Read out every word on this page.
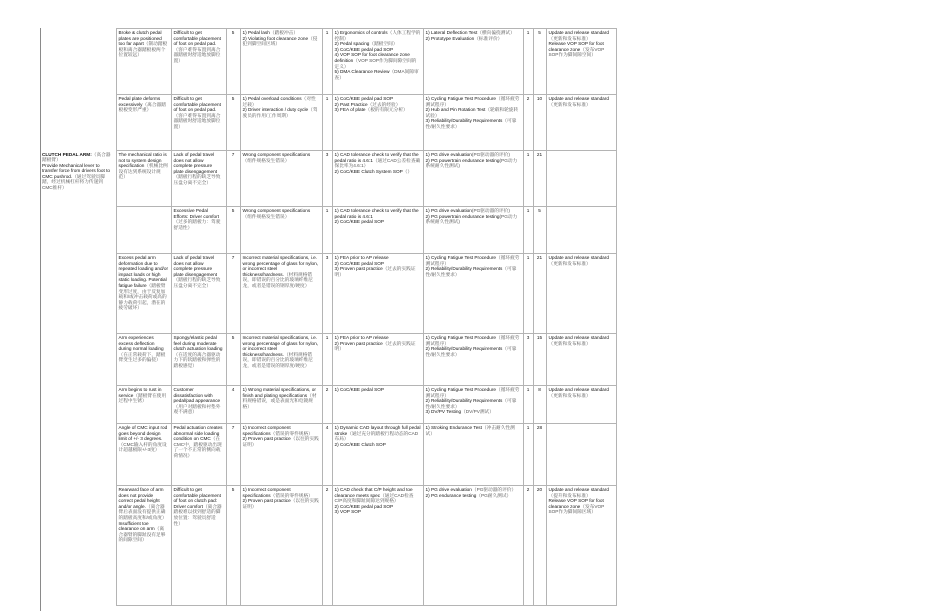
	Broke & clutch pedal plates are positioned too far apart（制动踏板板和离合器踏板板两个位置较远）	Difficult to get comfortable placement of foot on pedal pad.（客户难得布置到离合器踏板时舒适地放脚位置）	5	1) Pedal lash（踏板冲击）
2) Violating foot clearance zone（侵犯到脚空间区域）	1	1) Ergonomics of controls（人体工程学的控制）
2) Pedal spacing（踏板空间）
3) CoC/KBE pedal pad SOP
4) VOP SOP for foot clearance zone definition（VOP SOP作为脚间隙空间的定义）
5) DMA Clearance Review（DMA间隙审查）	1) Lateral Deflection Test（横向偏挠测试）
2) Prototype Evaluation（标准评价）	1	5	Update and release standard（更新和发布标准）
Release VOP SOP for foot clearance zone（发布VOP SOP作为脚间隙空间）

	Pedal plate deforms excessively（离合器踏板板变形严重）	Difficult to get comfortable placement of foot on pedal pad.（客户难得布置到离合器踏板时舒适地放脚位置）	5	1) Pedal overload conditions（对性过载）
2) Driver interaction / duty cycle（驾驶员的作用/工作周期）	1	1) CoC/KBE pedal pad SOP
2) Past Practice（过去的经验）
3) FEA of plate（板的有限元分析）	1) Cycling Fatigue Test Procedure（循环疲劳测试程序）
2) Hub and Pin Rotation Test（轮毂和轮旋转试验）
3) Reliability/Durability Requirements（可靠性/耐久性要求）	2	10	Update and release standard（更新和发布标准）

CLUTCH PEDAL ARM:（高合器踏板臂）
Provide Mechanical lever to transfer force from drivers foot to CMC pushrod.（通过驾驶员脚踏，经过机械杠杆将力传递到CMC推杆）	The mechanical ratio is not to system design specification（机械比例设有达到系统设计规范）	Lack of pedal travel does not allow complete pressure plate disengagement（踏板行程的缺乏导致压盘分离不完全）	7	Wrong component specifications（组件规格发生错误）	3	1) CAD tolerance check to verify that the pedal ratio is 4.6:1（通过CAD公差检查确保比率为4.6:1）
2) CoC/KBE Clutch System SOP（）	1) PG drive evaluation(PG驱动器的评价)
2) PG powertrain endurance testing(PG动力系统耐久性测试)	1	21	
		Excessive Pedal Efforts: Driver comfort（过多的踏板力：驾驶舒适性）	5	Wrong component specifications（组件规格发生错误）	1	1) CAD tolerance check to verify that the pedal ratio is 4.6:1
2) CoC/KBE pedal SOP	1) PG drive evaluation(PG驱动器的评价)
2) PG powertrain endurance testing(PG动力系统耐久性测试)	1	5	
	Excess pedal arm deformation due to repeated loading and/or impact loads or high static loading. Potential fatigue failure（踏板臂变形过度，由于反复加载和/或冲击载荷或高的静力载荷引起，潜在的疲劳破坏）	Lack of pedal travel does not allow complete pressure plate disengagement（踏板行程的缺乏导致压盘分离不完全）	7	Incorrect material specifications, i.e. wrong percentage of glass for nylon, or incorrect steel thickness/hardness.（材料规格错误，即错误的百分比的玻璃纤维尼龙，或者是错误的钢厚度/硬度）	3	1) FEA prior to AP release
2) CoC/KBE pedal SOP
3) Proven past practice（过去的实践证明）	1) Cycling Fatigue Test Procedure（循环疲劳测试程序）
2) Reliability/Durability Requirements（可靠性/耐久性要求）	1	21	Update and release standard（更新和发布标准）

	Arm experiences excess deflection during normal loading（在正常载荷下，踏板臂变生过多的偏挠）	Spongy/elastic pedal feel during moderate clutch actuation loading（在适度的离合器驱动力下的软踏板和弹性的踏板感觉）	5	Incorrect material specifications, i.e. wrong percentage of glass for nylon, or incorrect steel thickness/hardness.（材料规格错误，即错误的百分比的玻璃纤维尼龙，或者是错误的钢厚度/硬度）	1	1) FEA prior to AP release
2) Proven past practice（过去的实践证明）	1) Cycling Fatigue Test Procedure（循环疲劳测试程序）
2) Reliability/Durability Requirements（可靠性/耐久性要求）	3	15	Update and release standard（更新和发布标准）

	Arm begins to rust in service（踏板臂在使用过程中生锈）	Customer dissatisfaction with pedal/pad appearance（用户对踏板和衬垫外观不满意）	4	1) Wrong material specifications, or finish and plating specifications（材料规格错误，或是表面光和电镀规格）	2	1) CoC/KBE pedal SOP	1) Cycling Fatigue Test Procedure（循环疲劳测试程序）
2) Reliability/Durability Requirements（可靠性/耐久性要求）
3) DV/PV Testing（DV/PV测试）	1	8	Update and release standard（更新和发布标准）

	Angle of CMC input rod goes beyond design limit of +/- 3 degrees.（CMC输入杆的角度设计超越极限+/-3度）	Pedal actuation creates abnormal side loading condition on CMC（在CMC中，踏板驱动出现了一个不正常的侧向载荷情况）	7	1) Incorrect component specifications（错误的零件规格）
2) Proven past practice（以往的实践证明）	4	1) Dynamic CAD layout through full pedal stroke（通过充分的踏板行程动态的CAD布局）
2) CoC/KBE Clutch SOP	1) Stroking Endurance Test（冲击耐久性测试）	1	28	
	Rearward face of arm does not provide correct pedal height and/or angle.（离合器臂后表面没有提供正确的踏板高度和/或角度）
Insufficient toe clearance on arm（离合器臂的脚趾没有足够的间隙空间）	Difficult to get comfortable placement of foot on clutch pad: Driver comfort（离合器踏板难以找到舒适的脚放位置：驾驶员舒适性）	5	1) Incorrect component specifications（错误的零件规格）
2) Proven past practice（以往的实践证明）	2	1) CAD check that C/P height and toe clearance meets spec（通过CAD检查C/P高度和脚趾间隙达到规格）
2) CoC/KBE pedal pad SOP
3) VOP SOP	1) PG drive evaluation（PG驱动器的评价）
2) PG endurance testing（PG耐久测试）	2	20	Update and release standard（提升和发布标准）
Release VOP SOP for foot clearance zone（发布VOP SOP作为脚间隙区域）
